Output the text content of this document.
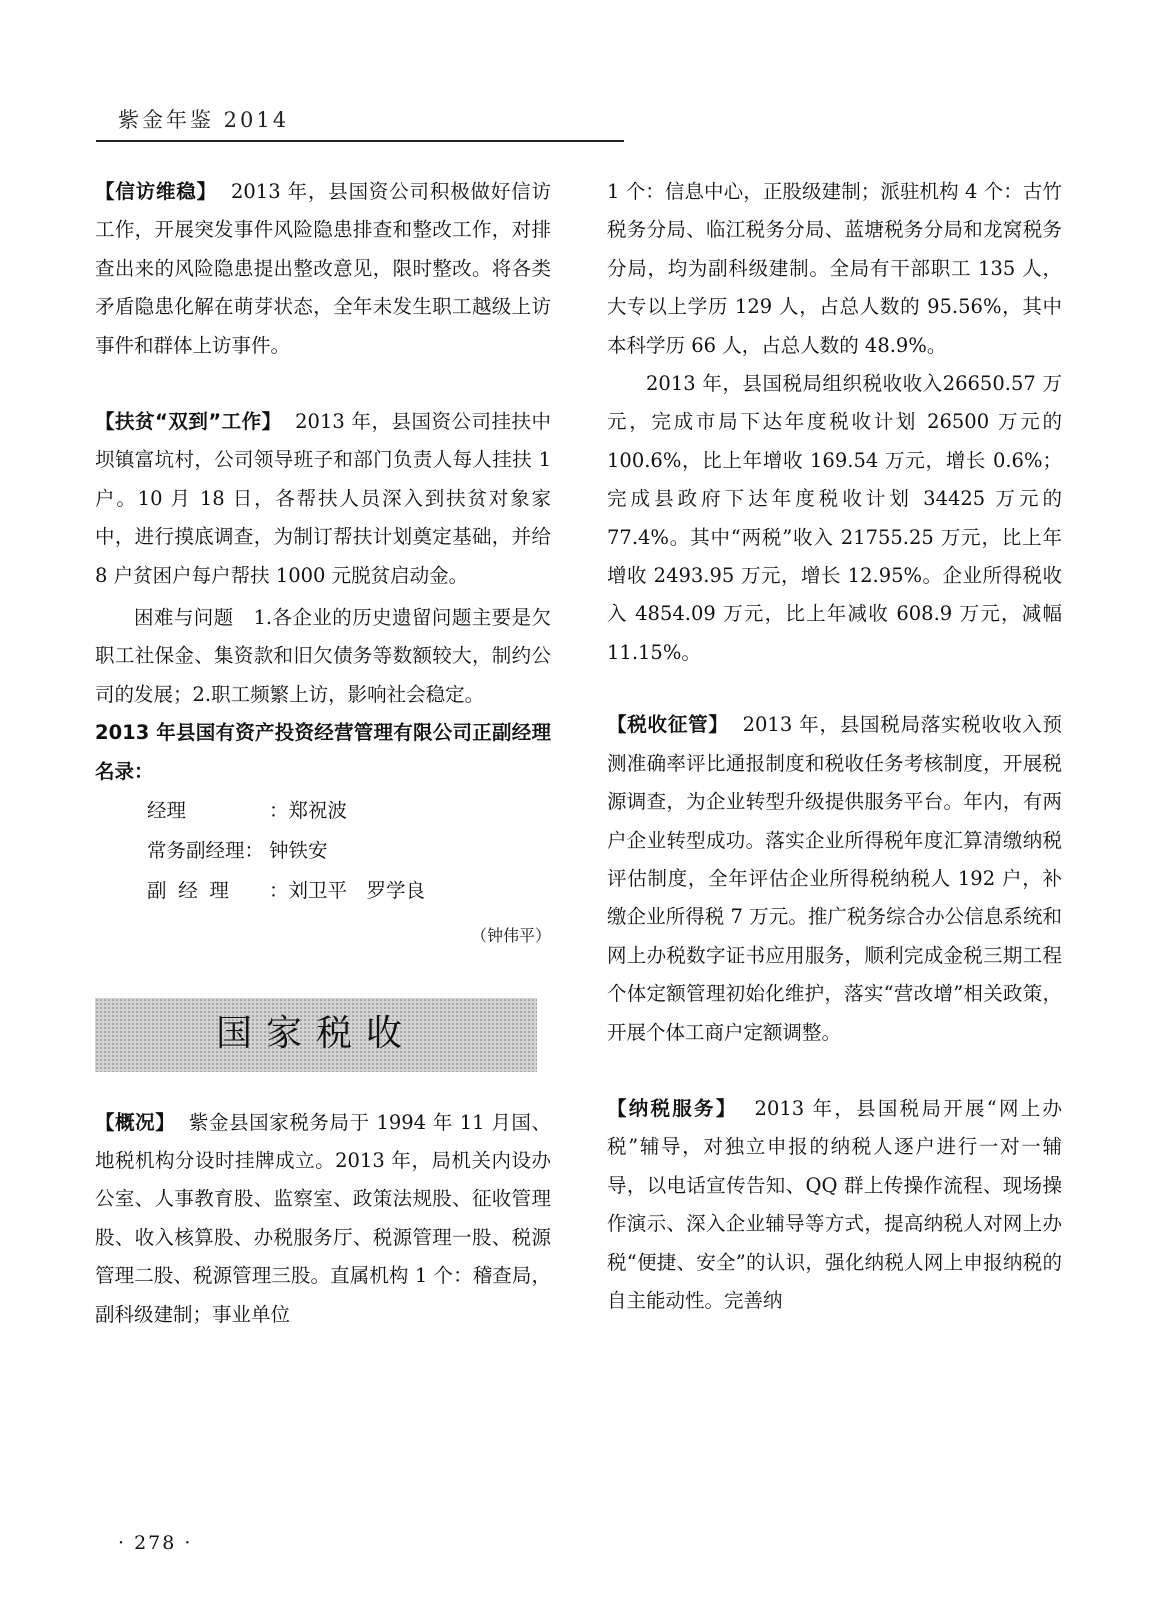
紫金年鉴 2014

【信访维稳】 2013 年，县国资公司积极做好信访工作，开展突发事件风险隐患排查和整改工作，对排查出来的风险隐患提出整改意见，限时整改。将各类矛盾隐患化解在萌芽状态，全年未发生职工越级上访事件和群体上访事件。

【扶贫“双到”工作】 2013 年，县国资公司挂扶中坝镇富坑村，公司领导班子和部门负责人每人挂扶 1 户。10 月 18 日，各帮扶人员深入到扶贫对象家中，进行摸底调查，为制订帮扶计划奠定基础，并给 8 户贫困户每户帮扶 1000 元脱贫启动金。

困难与问题　1.各企业的历史遗留问题主要是欠职工社保金、集资款和旧欠债务等数额较大，制约公司的发展；2.职工频繁上访，影响社会稳定。

2013 年县国有资产投资经营管理有限公司正副经理名录：

经理	：郑祝波
常务副经理： 钟铁安
副经理 ：刘卫平　罗学良
（钟伟平）
国家税收

【概况】 紫金县国家税务局于 1994 年 11 月国、地税机构分设时挂牌成立。2013 年，局机关内设办公室、人事教育股、监察室、政策法规股、征收管理股、收入核算股、办税服务厅、税源管理一股、税源管理二股、税源管理三股。直属机构 1 个：稽查局，副科级建制；事业单位

1 个：信息中心，正股级建制；派驻机构 4 个：古竹税务分局、临江税务分局、蓝塘税务分局和龙窝税务分局，均为副科级建制。全局有干部职工 135 人，大专以上学历 129 人，占总人数的 95.56%，其中本科学历 66 人，占总人数的 48.9%。

2013 年，县国税局组织税收收入26650.57 万元，完成市局下达年度税收计划 26500 万元的 100.6%，比上年增收 169.54 万元，增长 0.6%；完成县政府下达年度税收计划 34425 万元的 77.4%。其中“两税”收入 21755.25 万元，比上年增收 2493.95 万元，增长 12.95%。企业所得税收入 4854.09 万元，比上年减收 608.9 万元，减幅 11.15%。

【税收征管】 2013 年，县国税局落实税收收入预测准确率评比通报制度和税收任务考核制度，开展税源调查，为企业转型升级提供服务平台。年内，有两户企业转型成功。落实企业所得税年度汇算清缴纳税评估制度，全年评估企业所得税纳税人 192 户，补缴企业所得税 7 万元。推广税务综合办公信息系统和网上办税数字证书应用服务，顺利完成金税三期工程个体定额管理初始化维护，落实“营改增”相关政策，开展个体工商户定额调整。

【纳税服务】 2013 年，县国税局开展“网上办税”辅导，对独立申报的纳税人逐户进行一对一辅导，以电话宣传告知、QQ 群上传操作流程、现场操作演示、深入企业辅导等方式，提高纳税人对网上办税“便捷、安全”的认识，强化纳税人网上申报纳税的自主能动性。完善纳

· 278 ·
